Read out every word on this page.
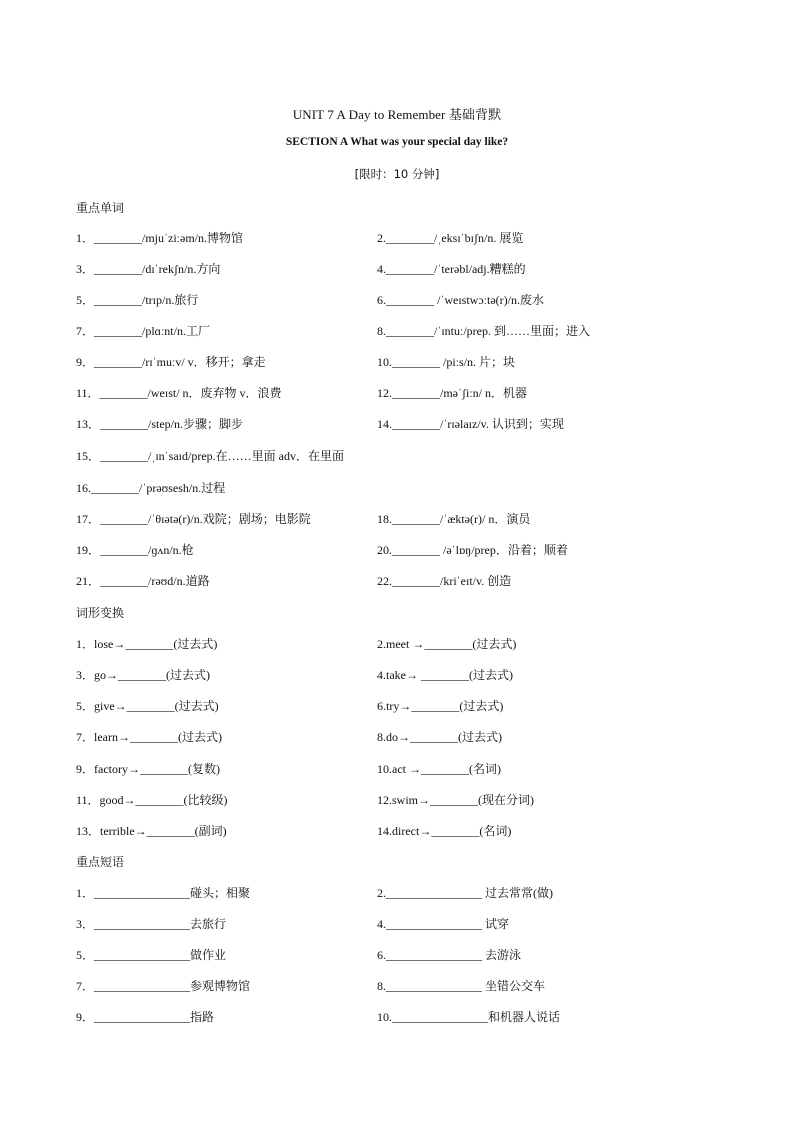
UNIT 7 A Day to Remember 基础背默
SECTION A What was your special day like?
[限时：10 分钟]
重点单词
1．________/mjuˈziːəm/n.博物馆	2.________/ˌeksɪˈbɪʃn/n. 展览
3．________/dɪˈrekʃn/n.方向	4.________/ˈterəbl/adj.糟糕的
5．________/trɪp/n.旅行	6.________ /ˈweɪstwɔːtə(r)/n.废水
7．________/plɑːnt/n.工厂	8.________/ˈɪntuː/prep. 到……里面；进入
9．________/rɪˈmuːv/ v．移开；拿走	10.________ /piːs/n. 片；块
11．________/weɪst/ n．废弃物 v．浪费	12.________/məˈʃiːn/ n．机器
13．________/step/n.步骤；脚步	14.________/ˈrɪəlaɪz/v. 认识到；实现
15．________/ˌɪnˈsaɪd/prep.在……里面 adv．在里面
16.________/ˈprəʊsesh/n.过程
17．________/ˈθɪətə(r)/n.戏院；剧场；电影院	18.________/ˈæktə(r)/ n．演员
19．________/ɡʌn/n.枪	20.________ /əˈlɒŋ/prep．沿着；顺着
21．________/rəʊd/n.道路	22.________/kriˈeɪt/v. 创造
词形变换
1．lose→________(过去式)	2.meet →________(过去式)
3．go→________(过去式)	4.take→ ________(过去式)
5．give→________(过去式)	6.try→________(过去式)
7．learn→________(过去式)	8.do→________(过去式)
9．factory→________(复数)	10.act →________(名词)
11．good→________(比较级)	12.swim→________(现在分词)
13．terrible→________(副词)	14.direct→________(名词)
重点短语
1．________________碰头；相聚	2.________________ 过去常常(做)
3．________________去旅行	4.________________ 试穿
5．________________做作业	6.________________ 去游泳
7．________________参观博物馆	8.________________ 坐错公交车
9．________________指路	10.________________和机器人说话
